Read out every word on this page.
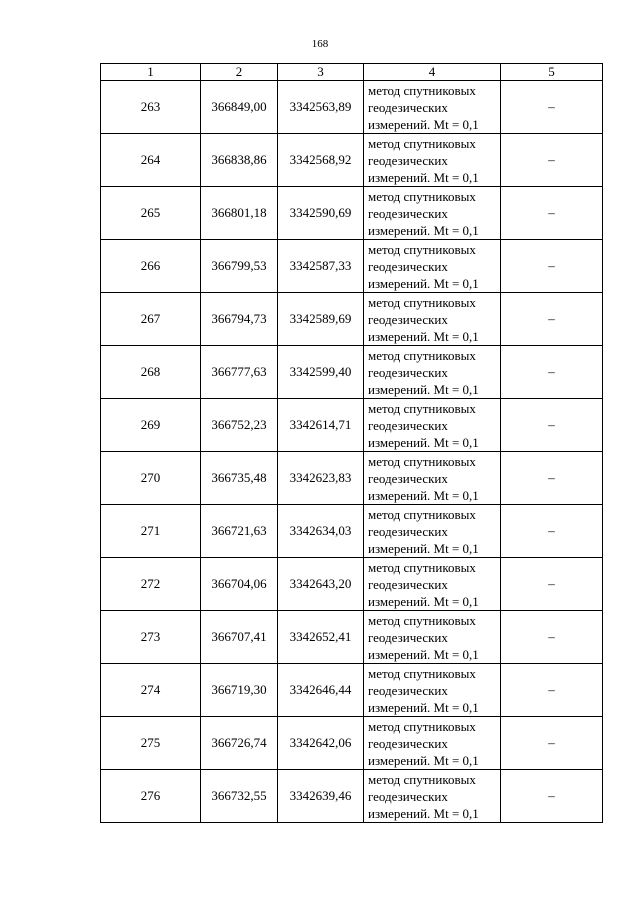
168
1	2	3	4	5
263	366849,00	3342563,89	метод спутниковых
геодезических
измерений. Mt = 0,1	–
264	366838,86	3342568,92	метод спутниковых
геодезических
измерений. Mt = 0,1	–
265	366801,18	3342590,69	метод спутниковых
геодезических
измерений. Mt = 0,1	–
266	366799,53	3342587,33	метод спутниковых
геодезических
измерений. Mt = 0,1	–
267	366794,73	3342589,69	метод спутниковых
геодезических
измерений. Mt = 0,1	–
268	366777,63	3342599,40	метод спутниковых
геодезических
измерений. Mt = 0,1	–
269	366752,23	3342614,71	метод спутниковых
геодезических
измерений. Mt = 0,1	–
270	366735,48	3342623,83	метод спутниковых
геодезических
измерений. Mt = 0,1	–
271	366721,63	3342634,03	метод спутниковых
геодезических
измерений. Mt = 0,1	–
272	366704,06	3342643,20	метод спутниковых
геодезических
измерений. Mt = 0,1	–
273	366707,41	3342652,41	метод спутниковых
геодезических
измерений. Mt = 0,1	–
274	366719,30	3342646,44	метод спутниковых
геодезических
измерений. Mt = 0,1	–
275	366726,74	3342642,06	метод спутниковых
геодезических
измерений. Mt = 0,1	–
276	366732,55	3342639,46	метод спутниковых
геодезических
измерений. Mt = 0,1	–
